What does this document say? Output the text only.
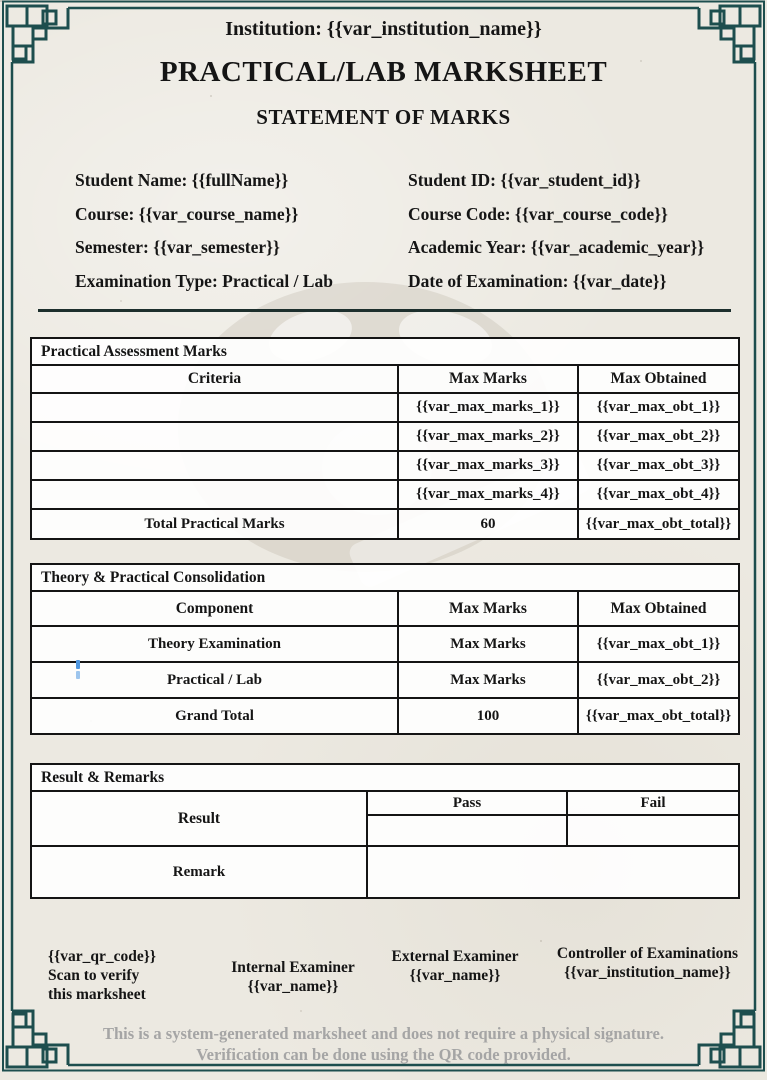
Institution: {{var_institution_name}}
PRACTICAL/LAB MARKSHEET
STATEMENT OF MARKS
Student Name: {{fullName}}
Course: {{var_course_name}}
Semester: {{var_semester}}
Examination Type: Practical / Lab
Student ID: {{var_student_id}}
Course Code: {{var_course_code}}
Academic Year: {{var_academic_year}}
Date of Examination: {{var_date}}
Practical Assessment Marks		
Criteria	Max Marks	Max Obtained
	{{var_max_marks_1}}	{{var_max_obt_1}}
	{{var_max_marks_2}}	{{var_max_obt_2}}
	{{var_max_marks_3}}	{{var_max_obt_3}}
	{{var_max_marks_4}}	{{var_max_obt_4}}
Total Practical Marks	60	{{var_max_obt_total}}
Theory & Practical Consolidation		
Component	Max Marks	Max Obtained
Theory Examination	Max Marks	{{var_max_obt_1}}
Practical / Lab	Max Marks	{{var_max_obt_2}}
Grand Total	100	{{var_max_obt_total}}
Result & Remarks		
Result	Pass	Fail

Remark		
{{var_qr_code}}
Scan to verify
this marksheet
Internal Examiner
{{var_name}}
External Examiner
{{var_name}}
Controller of Examinations
{{var_institution_name}}
This is a system-generated marksheet and does not require a physical signature.
Verification can be done using the QR code provided.
